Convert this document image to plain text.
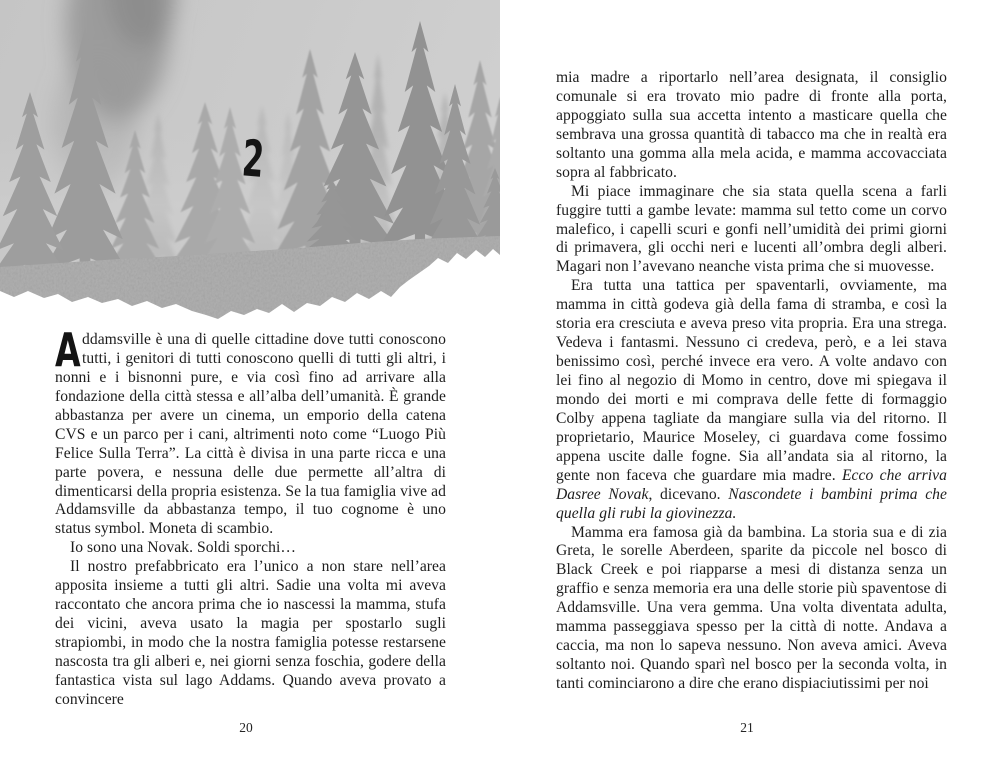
2

Addamsville è una di quelle cittadine dove tutti conoscono tutti, i genitori di tutti conoscono quelli di tutti gli altri, i nonni e i bisnonni pure, e via così fino ad arrivare alla fondazione della città stessa e all’alba dell’umanità. È grande abbastanza per avere un cinema, un emporio della catena CVS e un parco per i cani, altrimenti noto come “Luogo Più Felice Sulla Terra”. La città è divisa in una parte ricca e una parte povera, e nessuna delle due permette all’altra di dimenticarsi della propria esistenza. Se la tua famiglia vive ad Addamsville da abbastanza tempo, il tuo cognome è uno status symbol. Moneta di scambio.

Io sono una Novak. Soldi sporchi…

Il nostro prefabbricato era l’unico a non stare nell’area apposita insieme a tutti gli altri. Sadie una volta mi aveva raccontato che ancora prima che io nascessi la mamma, stufa dei vicini, aveva usato la magia per spostarlo sugli strapiombi, in modo che la nostra famiglia potesse restarsene nascosta tra gli alberi e, nei giorni senza foschia, godere della fantastica vista sul lago Addams. Quando aveva provato a convincere

20

mia madre a riportarlo nell’area designata, il consiglio comunale si era trovato mio padre di fronte alla porta, appoggiato sulla sua accetta intento a masticare quella che sembrava una grossa quantità di tabacco ma che in realtà era soltanto una gomma alla mela acida, e mamma accovacciata sopra al fabbricato.

Mi piace immaginare che sia stata quella scena a farli fuggire tutti a gambe levate: mamma sul tetto come un corvo malefico, i capelli scuri e gonfi nell’umidità dei primi giorni di primavera, gli occhi neri e lucenti all’ombra degli alberi. Magari non l’avevano neanche vista prima che si muovesse.

Era tutta una tattica per spaventarli, ovviamente, ma mamma in città godeva già della fama di stramba, e così la storia era cresciuta e aveva preso vita propria. Era una strega. Vedeva i fantasmi. Nessuno ci credeva, però, e a lei stava benissimo così, perché invece era vero. A volte andavo con lei fino al negozio di Momo in centro, dove mi spiegava il mondo dei morti e mi comprava delle fette di formaggio Colby appena tagliate da mangiare sulla via del ritorno. Il proprietario, Maurice Moseley, ci guardava come fossimo appena uscite dalle fogne. Sia all’andata sia al ritorno, la gente non faceva che guardare mia madre. Ecco che arriva Dasree Novak, dicevano. Nascondete i bambini prima che quella gli rubi la giovinezza.

Mamma era famosa già da bambina. La storia sua e di zia Greta, le sorelle Aberdeen, sparite da piccole nel bosco di Black Creek e poi riapparse a mesi di distanza senza un graffio e senza memoria era una delle storie più spaventose di Addamsville. Una vera gemma. Una volta diventata adulta, mamma passeggiava spesso per la città di notte. Andava a caccia, ma non lo sapeva nessuno. Non aveva amici. Aveva soltanto noi. Quando sparì nel bosco per la seconda volta, in tanti cominciarono a dire che erano dispiaciutissimi per noi

21
